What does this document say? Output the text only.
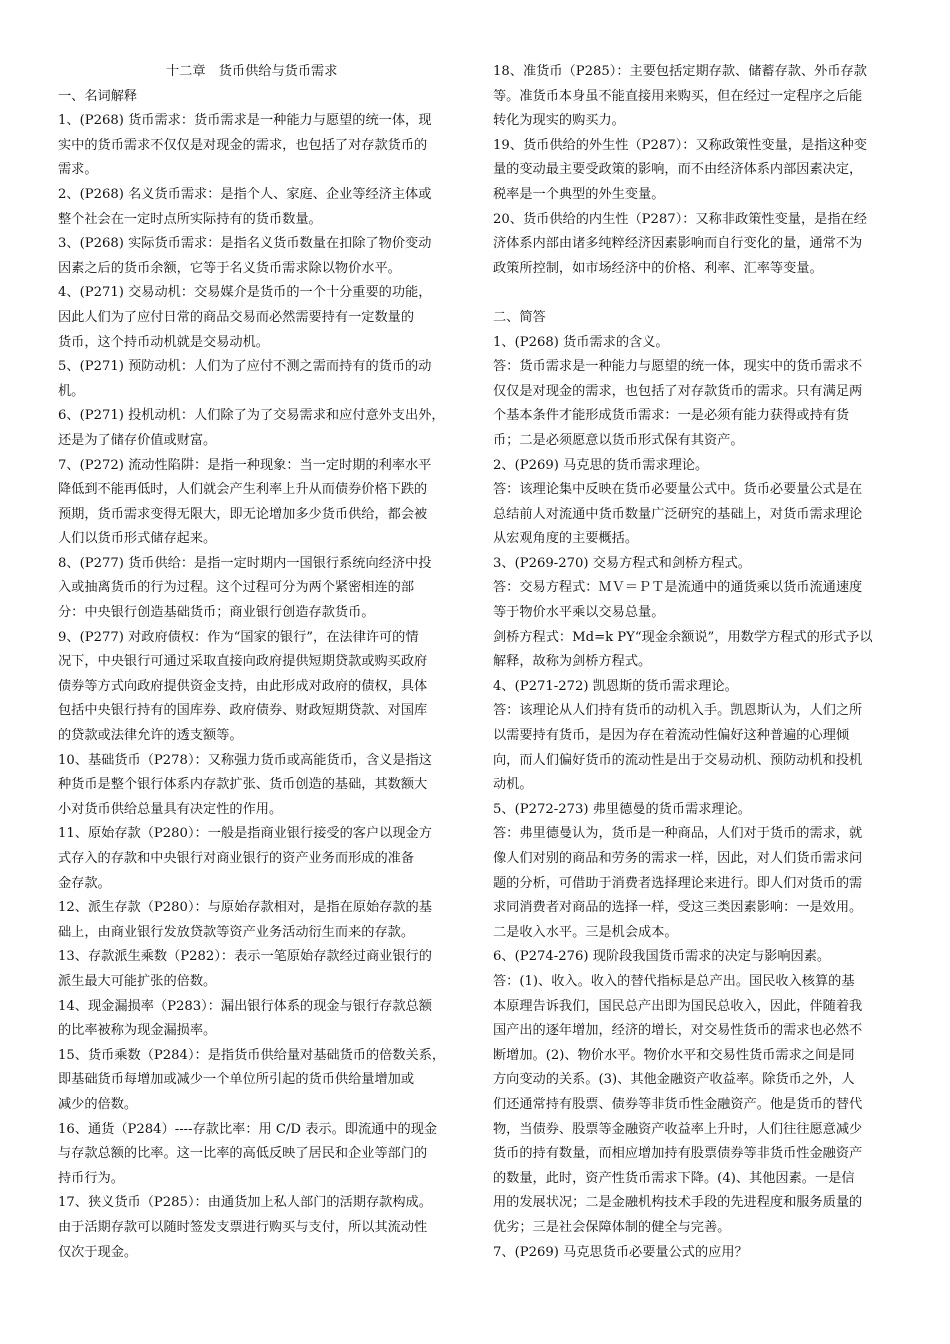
十二章　货币供给与货币需求
一、名词解释
1、(P268) 货币需求：货币需求是一种能力与愿望的统一体，现
实中的货币需求不仅仅是对现金的需求，也包括了对存款货币的
需求。
2、(P268) 名义货币需求：是指个人、家庭、企业等经济主体或
整个社会在一定时点所实际持有的货币数量。
3、(P268) 实际货币需求：是指名义货币数量在扣除了物价变动
因素之后的货币余额，它等于名义货币需求除以物价水平。
4、(P271) 交易动机：交易媒介是货币的一个十分重要的功能，
因此人们为了应付日常的商品交易而必然需要持有一定数量的
货币，这个持币动机就是交易动机。
5、(P271) 预防动机：人们为了应付不测之需而持有的货币的动
机。
6、(P271) 投机动机：人们除了为了交易需求和应付意外支出外，
还是为了储存价值或财富。
7、(P272) 流动性陷阱：是指一种现象：当一定时期的利率水平
降低到不能再低时，人们就会产生利率上升从而债券价格下跌的
预期，货币需求变得无限大，即无论增加多少货币供给，都会被
人们以货币形式储存起来。
8、(P277) 货币供给：是指一定时期内一国银行系统向经济中投
入或抽离货币的行为过程。这个过程可分为两个紧密相连的部
分：中央银行创造基础货币；商业银行创造存款货币。
9、(P277) 对政府债权：作为“国家的银行”，在法律许可的情
况下，中央银行可通过采取直接向政府提供短期贷款或购买政府
债券等方式向政府提供资金支持，由此形成对政府的债权，具体
包括中央银行持有的国库券、政府债券、财政短期贷款、对国库
的贷款或法律允许的透支额等。
10、基础货币（P278）：又称强力货币或高能货币，含义是指这
种货币是整个银行体系内存款扩张、货币创造的基础，其数额大
小对货币供给总量具有决定性的作用。
11、原始存款（P280）：一般是指商业银行接受的客户以现金方
式存入的存款和中央银行对商业银行的资产业务而形成的准备
金存款。
12、派生存款（P280）：与原始存款相对，是指在原始存款的基
础上，由商业银行发放贷款等资产业务活动衍生而来的存款。
13、存款派生乘数（P282）：表示一笔原始存款经过商业银行的
派生最大可能扩张的倍数。
14、现金漏损率（P283）：漏出银行体系的现金与银行存款总额
的比率被称为现金漏损率。
15、货币乘数（P284）：是指货币供给量对基础货币的倍数关系，
即基础货币每增加或减少一个单位所引起的货币供给量增加或
减少的倍数。
16、通货（P284）----存款比率：用 C/D 表示。即流通中的现金
与存款总额的比率。这一比率的高低反映了居民和企业等部门的
持币行为。
17、狭义货币（P285）：由通货加上私人部门的活期存款构成。
由于活期存款可以随时签发支票进行购买与支付，所以其流动性
仅次于现金。
18、准货币（P285）：主要包括定期存款、储蓄存款、外币存款
等。准货币本身虽不能直接用来购买，但在经过一定程序之后能
转化为现实的购买力。
19、货币供给的外生性（P287）：又称政策性变量，是指这种变
量的变动最主要受政策的影响，而不由经济体系内部因素决定，
税率是一个典型的外生变量。
20、货币供给的内生性（P287）：又称非政策性变量，是指在经
济体系内部由诸多纯粹经济因素影响而自行变化的量，通常不为
政策所控制，如市场经济中的价格、利率、汇率等变量。
二、简答
1、(P268) 货币需求的含义。
答：货币需求是一种能力与愿望的统一体，现实中的货币需求不
仅仅是对现金的需求，也包括了对存款货币的需求。只有满足两
个基本条件才能形成货币需求：一是必须有能力获得或持有货
币；二是必须愿意以货币形式保有其资产。
2、(P269) 马克思的货币需求理论。
答：该理论集中反映在货币必要量公式中。货币必要量公式是在
总结前人对流通中货币数量广泛研究的基础上，对货币需求理论
从宏观角度的主要概括。
3、(P269-270) 交易方程式和剑桥方程式。
答：交易方程式：ＭＶ＝ＰＴ是流通中的通货乘以货币流通速度
等于物价水平乘以交易总量。
剑桥方程式：Md=k PY“现金余额说”，用数学方程式的形式予以
解释，故称为剑桥方程式。
4、(P271-272) 凯恩斯的货币需求理论。
答：该理论从人们持有货币的动机入手。凯恩斯认为，人们之所
以需要持有货币，是因为存在着流动性偏好这种普遍的心理倾
向，而人们偏好货币的流动性是出于交易动机、预防动机和投机
动机。
5、(P272-273) 弗里德曼的货币需求理论。
答：弗里德曼认为，货币是一种商品，人们对于货币的需求，就
像人们对别的商品和劳务的需求一样，因此，对人们货币需求问
题的分析，可借助于消费者选择理论来进行。即人们对货币的需
求同消费者对商品的选择一样，受这三类因素影响：一是效用。
二是收入水平。三是机会成本。
6、(P274-276) 现阶段我国货币需求的决定与影响因素。
答：(1)、收入。收入的替代指标是总产出。国民收入核算的基
本原理告诉我们，国民总产出即为国民总收入，因此，伴随着我
国产出的逐年增加，经济的增长，对交易性货币的需求也必然不
断增加。(2)、物价水平。物价水平和交易性货币需求之间是同
方向变动的关系。(3)、其他金融资产收益率。除货币之外，人
们还通常持有股票、债券等非货币性金融资产。他是货币的替代
物，当债券、股票等金融资产收益率上升时，人们往往愿意减少
货币的持有数量，而相应增加持有股票债券等非货币性金融资产
的数量，此时，资产性货币需求下降。(4)、其他因素。一是信
用的发展状况；二是金融机构技术手段的先进程度和服务质量的
优劣；三是社会保障体制的健全与完善。
7、(P269) 马克思货币必要量公式的应用？
